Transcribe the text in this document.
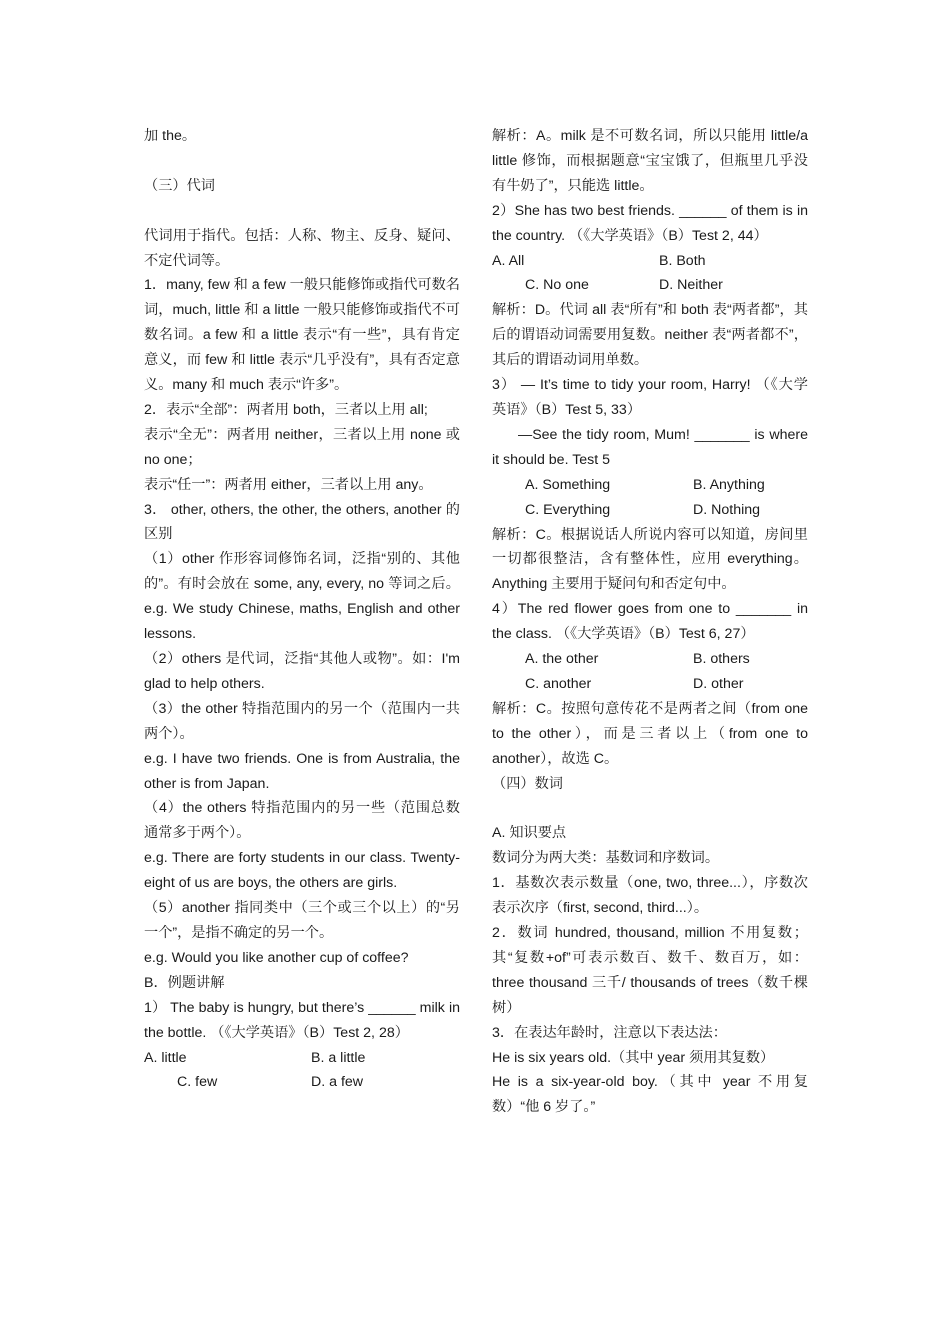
加 the。

（三）代词

代词用于指代。包括：人称、物主、反身、疑问、不定代词等。

1．many, few 和 a few 一般只能修饰或指代可数名词，much, little 和 a little 一般只能修饰或指代不可数名词。a few 和 a little 表示“有一些”，具有肯定意义，而 few 和 little 表示“几乎没有”，具有否定意义。many 和 much 表示“许多”。

2．表示“全部”：两者用 both，三者以上用 all;

表示“全无”：两者用 neither，三者以上用 none 或 no one；

表示“任一”：两者用 either，三者以上用 any。

3． other, others, the other, the others, another 的区别

（1）other 作形容词修饰名词，泛指“别的、其他的”。有时会放在 some, any, every, no 等词之后。e.g. We study Chinese, maths, English and other lessons.

（2）others 是代词，泛指“其他人或物”。如：I'm glad to help others.

（3）the other 特指范围内的另一个（范围内一共两个）。

e.g. I have two friends. One is from Australia, the other is from Japan.

（4）the others 特指范围内的另一些（范围总数通常多于两个）。

e.g. There are forty students in our class. Twenty-eight of us are boys, the others are girls.

（5）another 指同类中（三个或三个以上）的“另一个”，是指不确定的另一个。

e.g. Would you like another cup of coffee?

B．例题讲解

1） The baby is hungry, but there’s ______ milk in the bottle. （《大学英语》（B）Test 2, 28）

A. little	B. a little
C. few	D. a few

解析：A。milk 是不可数名词，所以只能用 little/a little 修饰，而根据题意“宝宝饿了，但瓶里几乎没有牛奶了”，只能选 little。

2）She has two best friends. ______ of them is in the country. （《大学英语》（B）Test 2, 44）

A. All	B. Both
C. No one	D. Neither

解析：D。代词 all 表“所有”和 both 表“两者都”，其后的谓语动词需要用复数。neither 表“两者都不”，其后的谓语动词用单数。

3） — It’s time to tidy your room, Harry! （《大学英语》（B）Test 5, 33）

—See the tidy room, Mum! _______ is where it should be. Test 5

A. Something	B. Anything
C. Everything	D. Nothing

解析：C。根据说话人所说内容可以知道，房间里一切都很整洁，含有整体性，应用 everything。Anything 主要用于疑问句和否定句中。

4）The red flower goes from one to _______ in the class. （《大学英语》（B）Test 6, 27）

A. the other	B. others
C. another	D. other

解析：C。按照句意传花不是两者之间（from one to the other），而是三者以上（from one to another），故选 C。

（四）数词

A. 知识要点

数词分为两大类：基数词和序数词。

1．基数次表示数量（one, two, three...），序数次表示次序（first, second, third...）。

2．数词 hundred, thousand, million 不用复数；其“复数+of”可表示数百、数千、数百万，如：three thousand 三千/ thousands of trees（数千棵树）

3．在表达年龄时，注意以下表达法：

He is six years old.（其中 year 须用其复数）

He is a six-year-old boy.（其中 year 不用复数）“他 6 岁了。”
